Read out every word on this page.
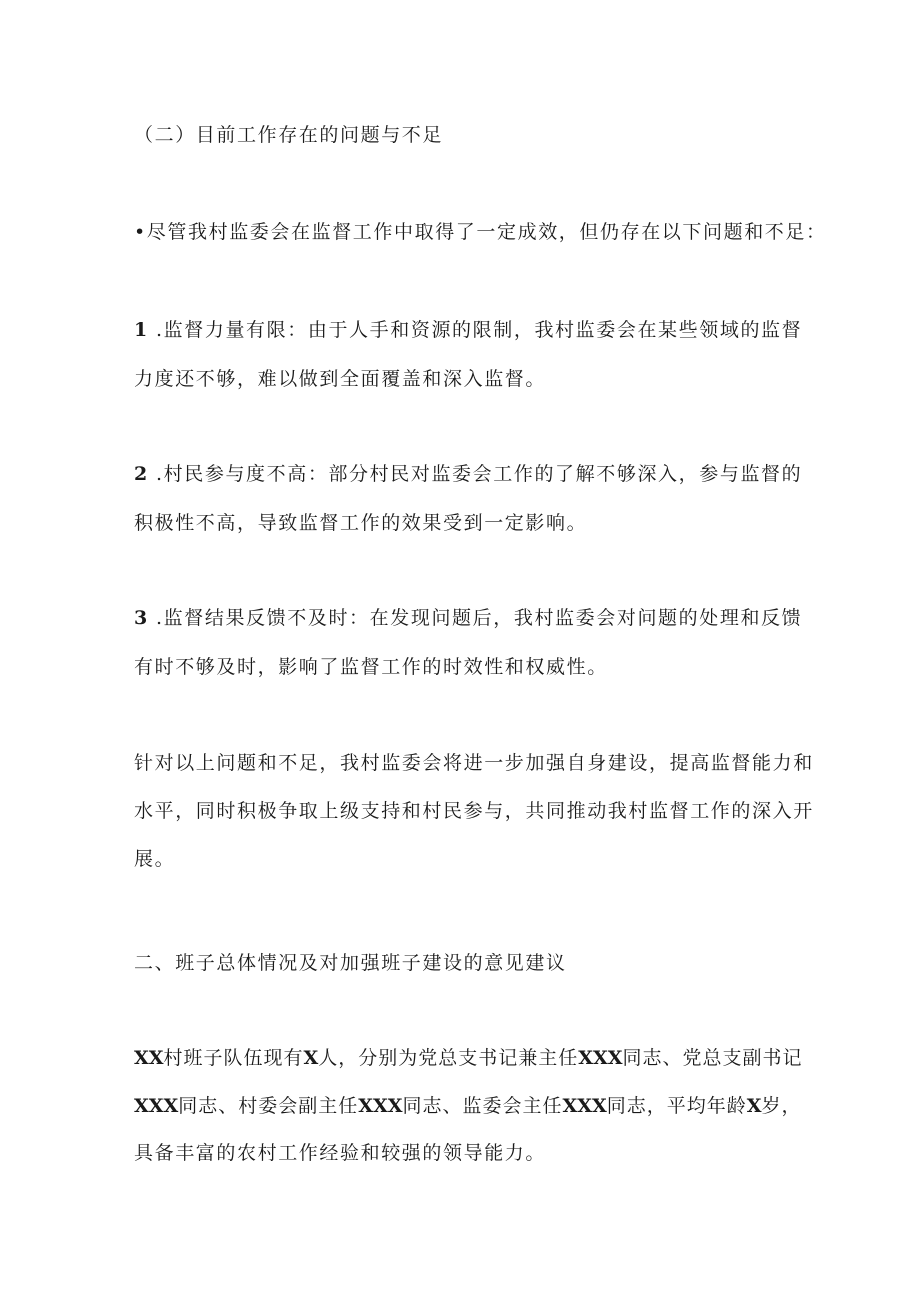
（二）目前工作存在的问题与不足
•尽管我村监委会在监督工作中取得了一定成效，但仍存在以下问题和不足：
1 .监督力量有限：由于人手和资源的限制，我村监委会在某些领域的监督
力度还不够，难以做到全面覆盖和深入监督。
2 .村民参与度不高：部分村民对监委会工作的了解不够深入，参与监督的
积极性不高，导致监督工作的效果受到一定影响。
3 .监督结果反馈不及时：在发现问题后，我村监委会对问题的处理和反馈
有时不够及时，影响了监督工作的时效性和权威性。
针对以上问题和不足，我村监委会将进一步加强自身建设，提高监督能力和
水平，同时积极争取上级支持和村民参与，共同推动我村监督工作的深入开
展。
二、班子总体情况及对加强班子建设的意见建议
XX村班子队伍现有X人，分别为党总支书记兼主任XXX同志、党总支副书记
XXX同志、村委会副主任XXX同志、监委会主任XXX同志，平均年龄X岁，
具备丰富的农村工作经验和较强的领导能力。
